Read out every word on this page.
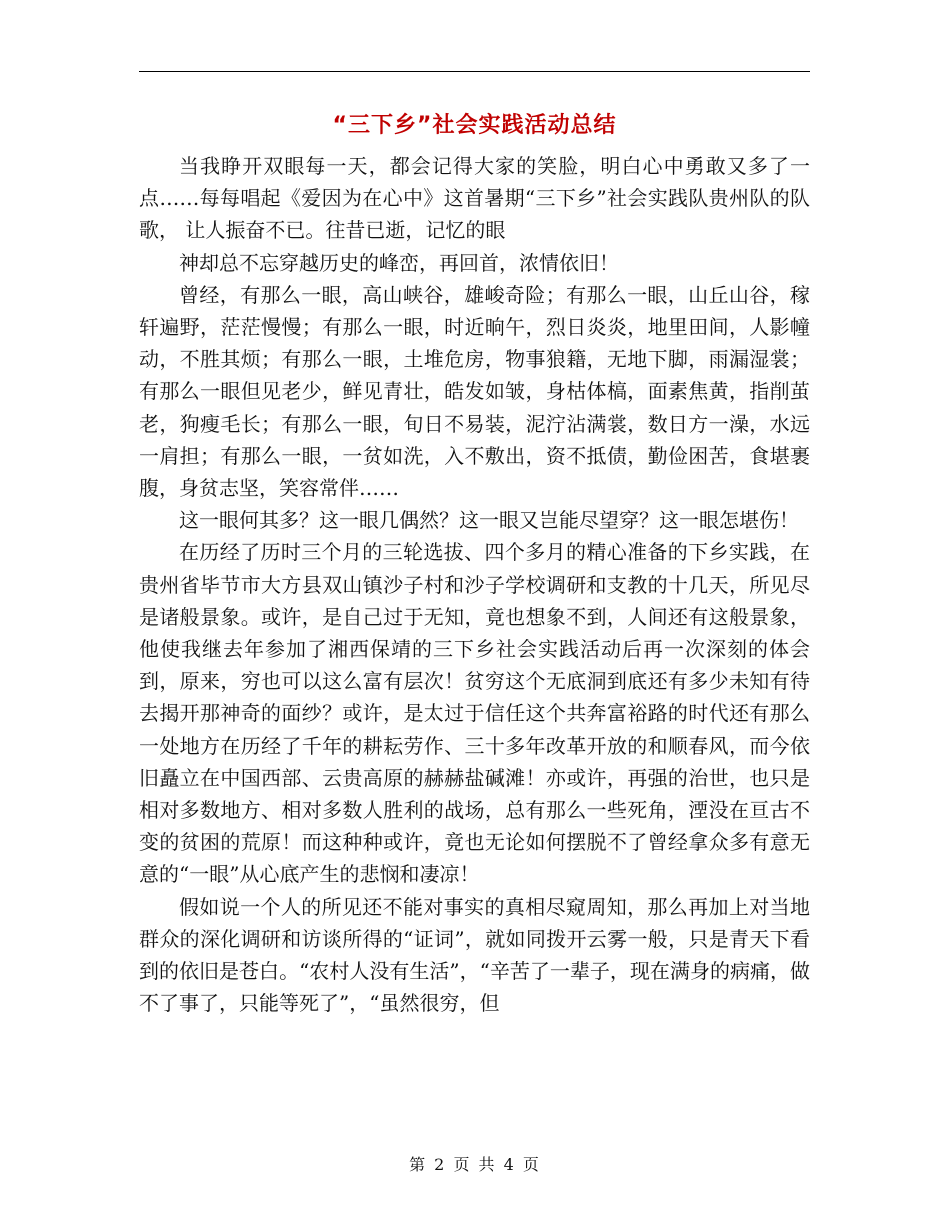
“三下乡”社会实践活动总结

当我睁开双眼每一天，都会记得大家的笑脸，明白心中勇敢又多了一点……每每唱起《爱因为在心中》这首暑期“三下乡”社会实践队贵州队的队歌， 让人振奋不已。往昔已逝，记忆的眼

神却总不忘穿越历史的峰峦，再回首，浓情依旧！

曾经，有那么一眼，高山峡谷，雄峻奇险；有那么一眼，山丘山谷，稼轩遍野，茫茫慢慢；有那么一眼，时近晌午，烈日炎炎，地里田间，人影幢动，不胜其烦；有那么一眼，土堆危房，物事狼籍，无地下脚，雨漏湿裳；有那么一眼但见老少，鲜见青壮，皓发如皱，身枯体槁，面素焦黄，指削茧老，狗瘦毛长；有那么一眼，旬日不易装，泥泞沾满裳，数日方一澡，水远一肩担；有那么一眼，一贫如洗，入不敷出，资不抵债，勤俭困苦，食堪裹腹，身贫志坚，笑容常伴……

这一眼何其多？这一眼几偶然？这一眼又岂能尽望穿？这一眼怎堪伤！

在历经了历时三个月的三轮选拔、四个多月的精心准备的下乡实践，在贵州省毕节市大方县双山镇沙子村和沙子学校调研和支教的十几天，所见尽是诸般景象。或许，是自己过于无知，竟也想象不到，人间还有这般景象，他使我继去年参加了湘西保靖的三下乡社会实践活动后再一次深刻的体会到，原来，穷也可以这么富有层次！贫穷这个无底洞到底还有多少未知有待去揭开那神奇的面纱？或许，是太过于信任这个共奔富裕路的时代还有那么一处地方在历经了千年的耕耘劳作、三十多年改革开放的和顺春风，而今依旧矗立在中国西部、云贵高原的赫赫盐碱滩！亦或许，再强的治世，也只是相对多数地方、相对多数人胜利的战场，总有那么一些死角，湮没在亘古不变的贫困的荒原！而这种种或许，竟也无论如何摆脱不了曾经拿众多有意无意的“一眼”从心底产生的悲悯和凄凉！

假如说一个人的所见还不能对事实的真相尽窥周知，那么再加上对当地群众的深化调研和访谈所得的“证词”，就如同拨开云雾一般，只是青天下看到的依旧是苍白。“农村人没有生活”，“辛苦了一辈子，现在满身的病痛，做不了事了，只能等死了”，“虽然很穷，但

第 2 页 共 4 页
